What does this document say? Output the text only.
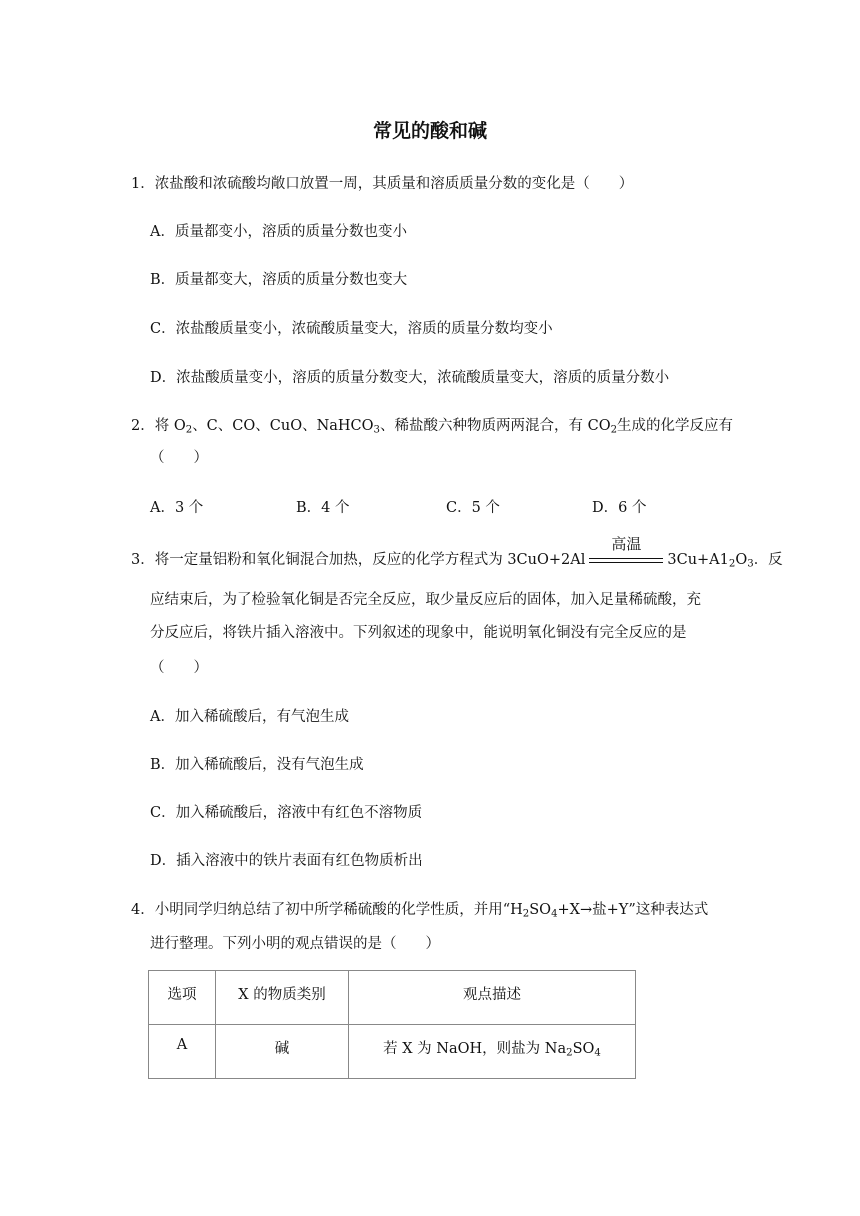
常见的酸和碱
1．浓盐酸和浓硫酸均敞口放置一周，其质量和溶质质量分数的变化是（　　）
A．质量都变小，溶质的质量分数也变小
B．质量都变大，溶质的质量分数也变大
C．浓盐酸质量变小，浓硫酸质量变大，溶质的质量分数均变小
D．浓盐酸质量变小，溶质的质量分数变大，浓硫酸质量变大，溶质的质量分数小
2．将 $O_2$、C、CO、CuO、NaHCO$_3$、稀盐酸六种物质两两混合，有 $CO_2$生成的化学反应有
（　　）
A．3 个	B．4 个	C．5 个	D．6 个
3．将一定量铝粉和氧化铜混合加热，反应的化学方程式为 3CuO+2Al
高温
$3Cu+A1_2O_3$．反
应结束后，为了检验氧化铜是否完全反应，取少量反应后的固体，加入足量稀硫酸，充
分反应后，将铁片插入溶液中。下列叙述的现象中，能说明氧化铜没有完全反应的是
（　　）
A．加入稀硫酸后，有气泡生成
B．加入稀硫酸后，没有气泡生成
C．加入稀硫酸后，溶液中有红色不溶物质
D．插入溶液中的铁片表面有红色物质析出
4．小明同学归纳总结了初中所学稀硫酸的化学性质，并用“$H_2SO_4+X\to$盐+Y”这种表达式
进行整理。下列小明的观点错误的是（　　）
选项	X 的物质类别	观点描述
A	碱	若 X 为 NaOH，则盐为 $Na_2SO_4$
